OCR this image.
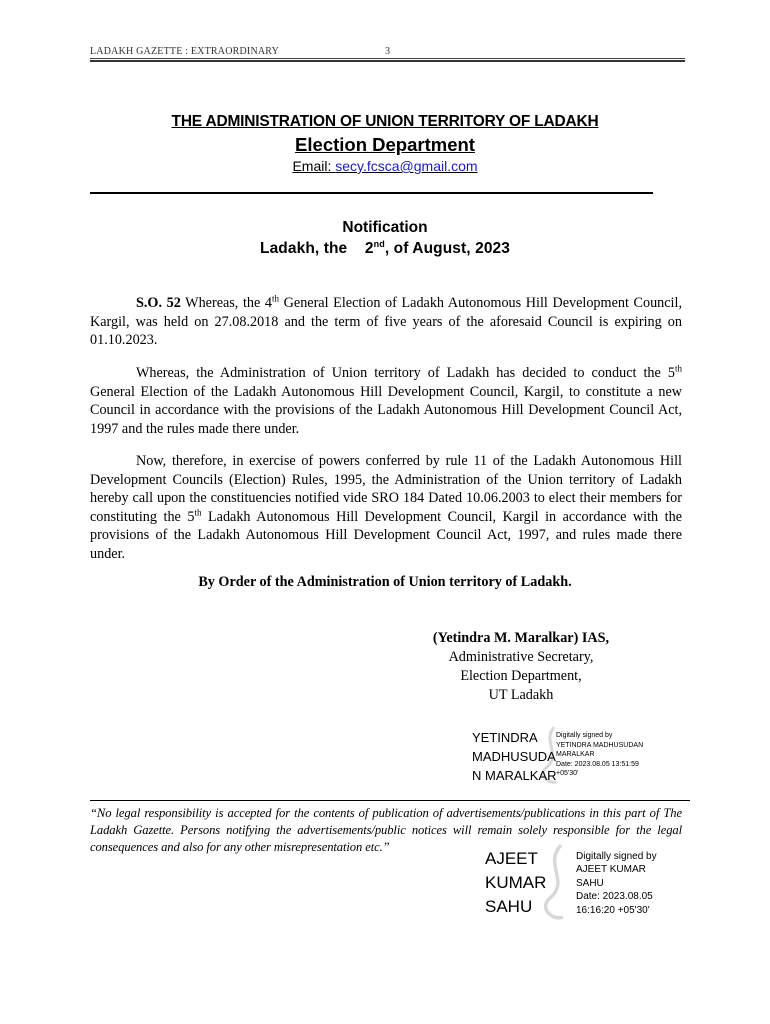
LADAKH GAZETTE : EXTRAORDINARY	3
THE ADMINISTRATION OF UNION TERRITORY OF LADAKH
Election Department
Email: secy.fcsca@gmail.com
Notification
Ladakh, the 2nd, of August, 2023

S.O. 52 Whereas, the 4th General Election of Ladakh Autonomous Hill Development Council, Kargil, was held on 27.08.2018 and the term of five years of the aforesaid Council is expiring on 01.10.2023.

Whereas, the Administration of Union territory of Ladakh has decided to conduct the 5th General Election of the Ladakh Autonomous Hill Development Council, Kargil, to constitute a new Council in accordance with the provisions of the Ladakh Autonomous Hill Development Council Act, 1997 and the rules made there under.

Now, therefore, in exercise of powers conferred by rule 11 of the Ladakh Autonomous Hill Development Councils (Election) Rules, 1995, the Administration of the Union territory of Ladakh hereby call upon the constituencies notified vide SRO 184 Dated 10.06.2003 to elect their members for constituting the 5th Ladakh Autonomous Hill Development Council, Kargil in accordance with the provisions of the Ladakh Autonomous Hill Development Council Act, 1997, and rules made there under.

By Order of the Administration of Union territory of Ladakh.
(Yetindra M. Maralkar) IAS,
Administrative Secretary,
Election Department,
UT Ladakh
YETINDRA
MADHUSUDA
N MARALKAR
Digitally signed by
YETINDRA MADHUSUDAN
MARALKAR
Date: 2023.08.05 13:51:59
+05'30'
“No legal responsibility is accepted for the contents of publication of advertisements/publications in this part of The Ladakh Gazette. Persons notifying the advertisements/public notices will remain solely responsible for the legal consequences and also for any other misrepresentation etc.”
AJEET
KUMAR
SAHU
Digitally signed by
AJEET KUMAR
SAHU
Date: 2023.08.05
16:16:20 +05'30'
